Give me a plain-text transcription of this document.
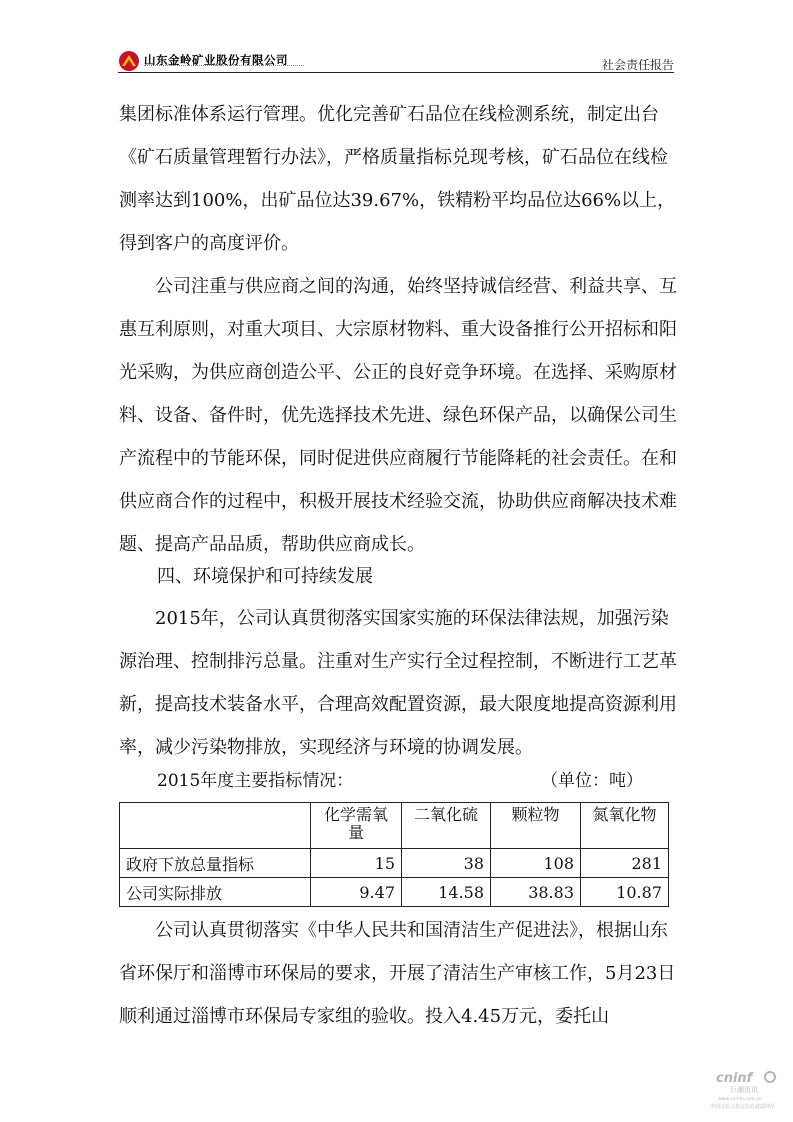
山东金岭矿业股份有限公司	社会责任报告

集团标准体系运行管理。优化完善矿石品位在线检测系统，制定出台《矿石质量管理暂行办法》，严格质量指标兑现考核，矿石品位在线检测率达到100%，出矿品位达39.67%，铁精粉平均品位达66%以上，得到客户的高度评价。

公司注重与供应商之间的沟通，始终坚持诚信经营、利益共享、互惠互利原则，对重大项目、大宗原材物料、重大设备推行公开招标和阳光采购，为供应商创造公平、公正的良好竞争环境。在选择、采购原材料、设备、备件时，优先选择技术先进、绿色环保产品，以确保公司生产流程中的节能环保，同时促进供应商履行节能降耗的社会责任。在和供应商合作的过程中，积极开展技术经验交流，协助供应商解决技术难题、提高产品品质，帮助供应商成长。

四、环境保护和可持续发展

2015年，公司认真贯彻落实国家实施的环保法律法规，加强污染源治理、控制排污总量。注重对生产实行全过程控制，不断进行工艺革新，提高技术装备水平，合理高效配置资源，最大限度地提高资源利用率，减少污染物排放，实现经济与环境的协调发展。

2015年度主要指标情况：	（单位：吨）
	化学需氧量	二氧化硫	颗粒物	氮氧化物
政府下放总量指标	15	38	108	281
公司实际排放	9.47	14.58	38.83	10.87

公司认真贯彻落实《中华人民共和国清洁生产促进法》，根据山东省环保厅和淄博市环保局的要求，开展了清洁生产审核工作，5月23日顺利通过淄博市环保局专家组的验收。投入4.45万元，委托山

cninf
巨潮资讯
www.cninfo.com.cn
中国证监会指定信息披露网站
